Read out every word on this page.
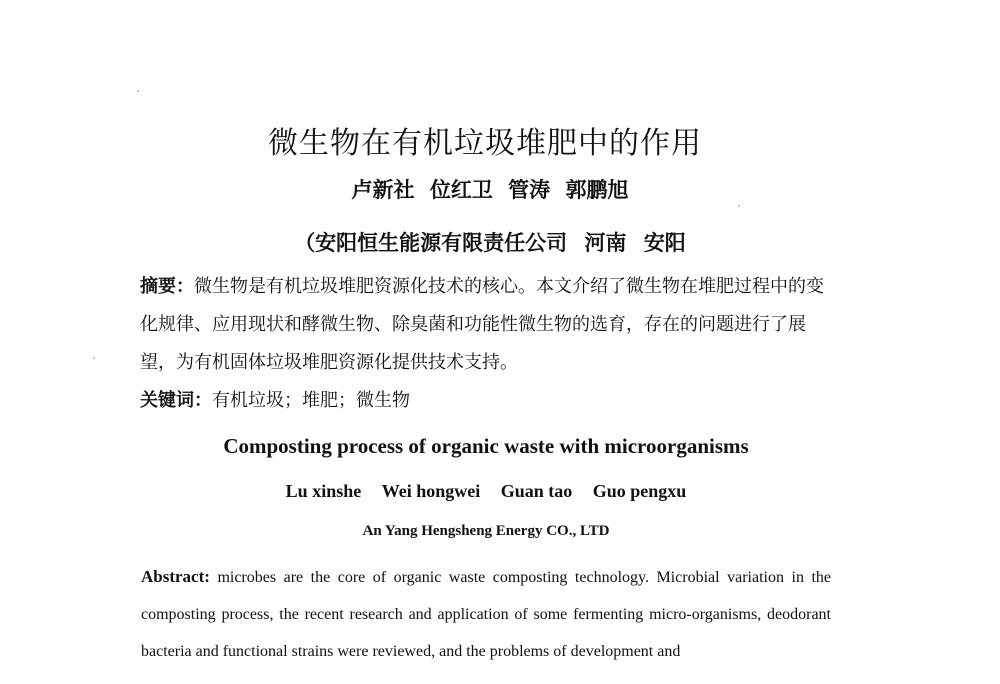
微生物在有机垃圾堆肥中的作用
卢新社 位红卫 管涛 郭鹏旭
（安阳恒生能源有限责任公司 河南 安阳
摘要：微生物是有机垃圾堆肥资源化技术的核心。本文介绍了微生物在堆肥过程中的变化规律、应用现状和酵微生物、除臭菌和功能性微生物的选育，存在的问题进行了展望，为有机固体垃圾堆肥资源化提供技术支持。
关键词：有机垃圾；堆肥；微生物
Composting process of organic waste with microorganisms
Lu xinshe Wei hongwei Guan tao Guo pengxu
An Yang Hengsheng Energy CO., LTD
Abstract: microbes are the core of organic waste composting technology. Microbial variation in the composting process, the recent research and application of some fermenting micro-organisms, deodorant bacteria and functional strains were reviewed, and the problems of development and
